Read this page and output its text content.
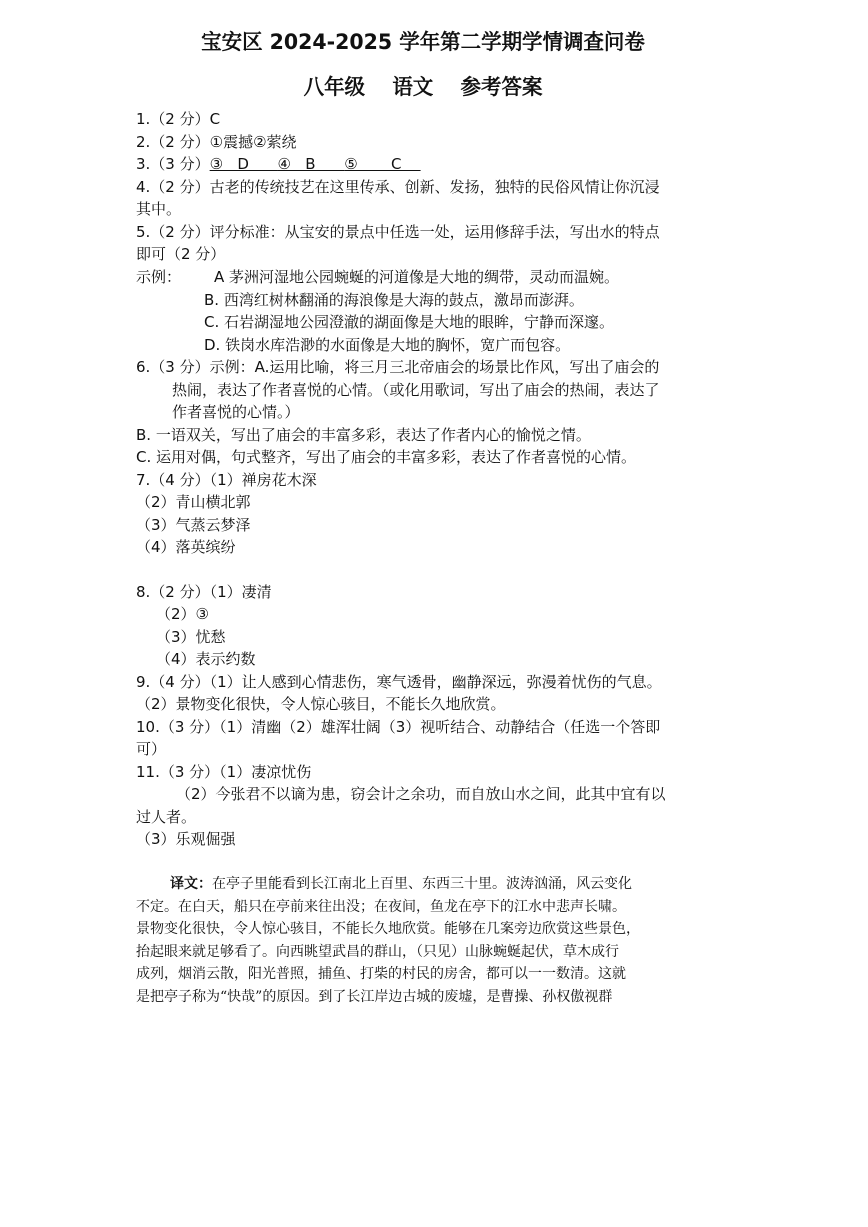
宝安区 2024-2025 学年第二学期学情调查问卷
八年级 语文 参考答案
1.（2 分）C
2.（2 分）①震撼②萦绕
3.（3 分）③   D      ④   B      ⑤       C
4.（2 分）古老的传统技艺在这里传承、创新、发扬，独特的民俗风情让你沉浸
其中。
5.（2 分）评分标准：从宝安的景点中任选一处，运用修辞手法，写出水的特点
即可（2 分）
示例： A 茅洲河湿地公园蜿蜒的河道像是大地的绸带，灵动而温婉。
B. 西湾红树林翻涌的海浪像是大海的鼓点，激昂而澎湃。
C. 石岩湖湿地公园澄澈的湖面像是大地的眼眸，宁静而深邃。
D. 铁岗水库浩渺的水面像是大地的胸怀，宽广而包容。
6.（3 分）示例：A.运用比喻，将三月三北帝庙会的场景比作风，写出了庙会的
热闹，表达了作者喜悦的心情。（或化用歌词，写出了庙会的热闹，表达了
作者喜悦的心情。）
B. 一语双关，写出了庙会的丰富多彩，表达了作者内心的愉悦之情。
C. 运用对偶，句式整齐，写出了庙会的丰富多彩，表达了作者喜悦的心情。
7.（4 分）（1）禅房花木深
（2）青山横北郭
（3）气蒸云梦泽
（4）落英缤纷
8.（2 分）（1）凄清
（2）③
（3）忧愁
（4）表示约数
9.（4 分）（1）让人感到心情悲伤，寒气透骨，幽静深远，弥漫着忧伤的气息。
（2）景物变化很快，令人惊心骇目，不能长久地欣赏。
10.（3 分）（1）清幽（2）雄浑壮阔（3）视听结合、动静结合（任选一个答即
可）
11.（3 分）（1）凄凉忧伤
（2）今张君不以谪为患，窃会计之余功，而自放山水之间，此其中宜有以
过人者。
（3）乐观倔强
译文：在亭子里能看到长江南北上百里、东西三十里。波涛汹涌，风云变化
不定。在白天，船只在亭前来往出没；在夜间，鱼龙在亭下的江水中悲声长啸。
景物变化很快，令人惊心骇目，不能长久地欣赏。能够在几案旁边欣赏这些景色，
抬起眼来就足够看了。向西眺望武昌的群山，（只见）山脉蜿蜒起伏，草木成行
成列，烟消云散，阳光普照，捕鱼、打柴的村民的房舍，都可以一一数清。这就
是把亭子称为“快哉”的原因。到了长江岸边古城的废墟，是曹操、孙权傲视群
